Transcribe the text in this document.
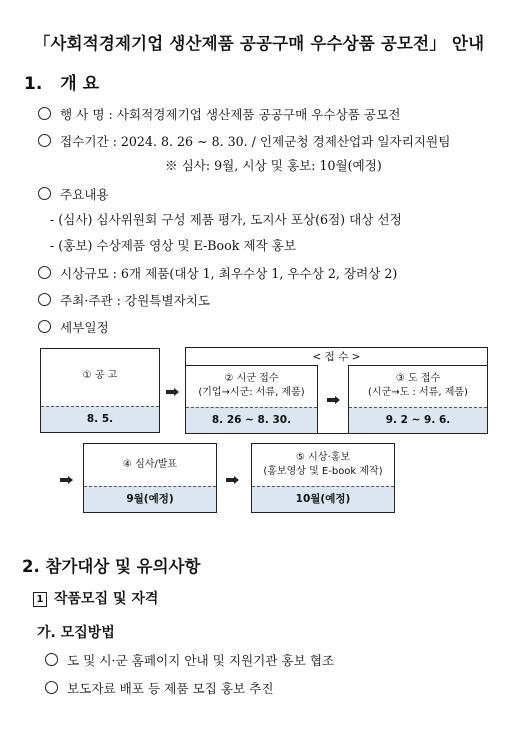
「사회적경제기업 생산제품 공공구매 우수상품 공모전」 안내
1. 개 요
행 사 명 : 사회적경제기업 생산제품 공공구매 우수상품 공모전
접수기간 : 2024. 8. 26 ~ 8. 30. / 인제군청 경제산업과 일자리지원팀
※ 심사: 9월, 시상 및 홍보: 10월(예정)
주요내용
- (심사) 심사위원회 구성 제품 평가, 도지사 포상(6점) 대상 선정
- (홍보) 수상제품 영상 및 E-Book 제작 홍보
시상규모 : 6개 제품(대상 1, 최우수상 1, 우수상 2, 장려상 2)
주최·주관 : 강원특별자치도
세부일정
① 공 고
8. 5.
< 접 수 >
② 시군 접수
(기업→시군: 서류, 제품)
8. 26 ~ 8. 30.
③ 도 접수
(시군→도 : 서류, 제품)
9. 2 ~ 9. 6.
④ 심사/발표
9월(예정)
⑤ 시상·홍보
(홍보영상 및 E-book 제작)
10월(예정)
2. 참가대상 및 유의사항
1 작품모집 및 자격
가. 모집방법
도 및 시·군 홈페이지 안내 및 지원기관 홍보 협조
보도자료 배포 등 제품 모집 홍보 추진
